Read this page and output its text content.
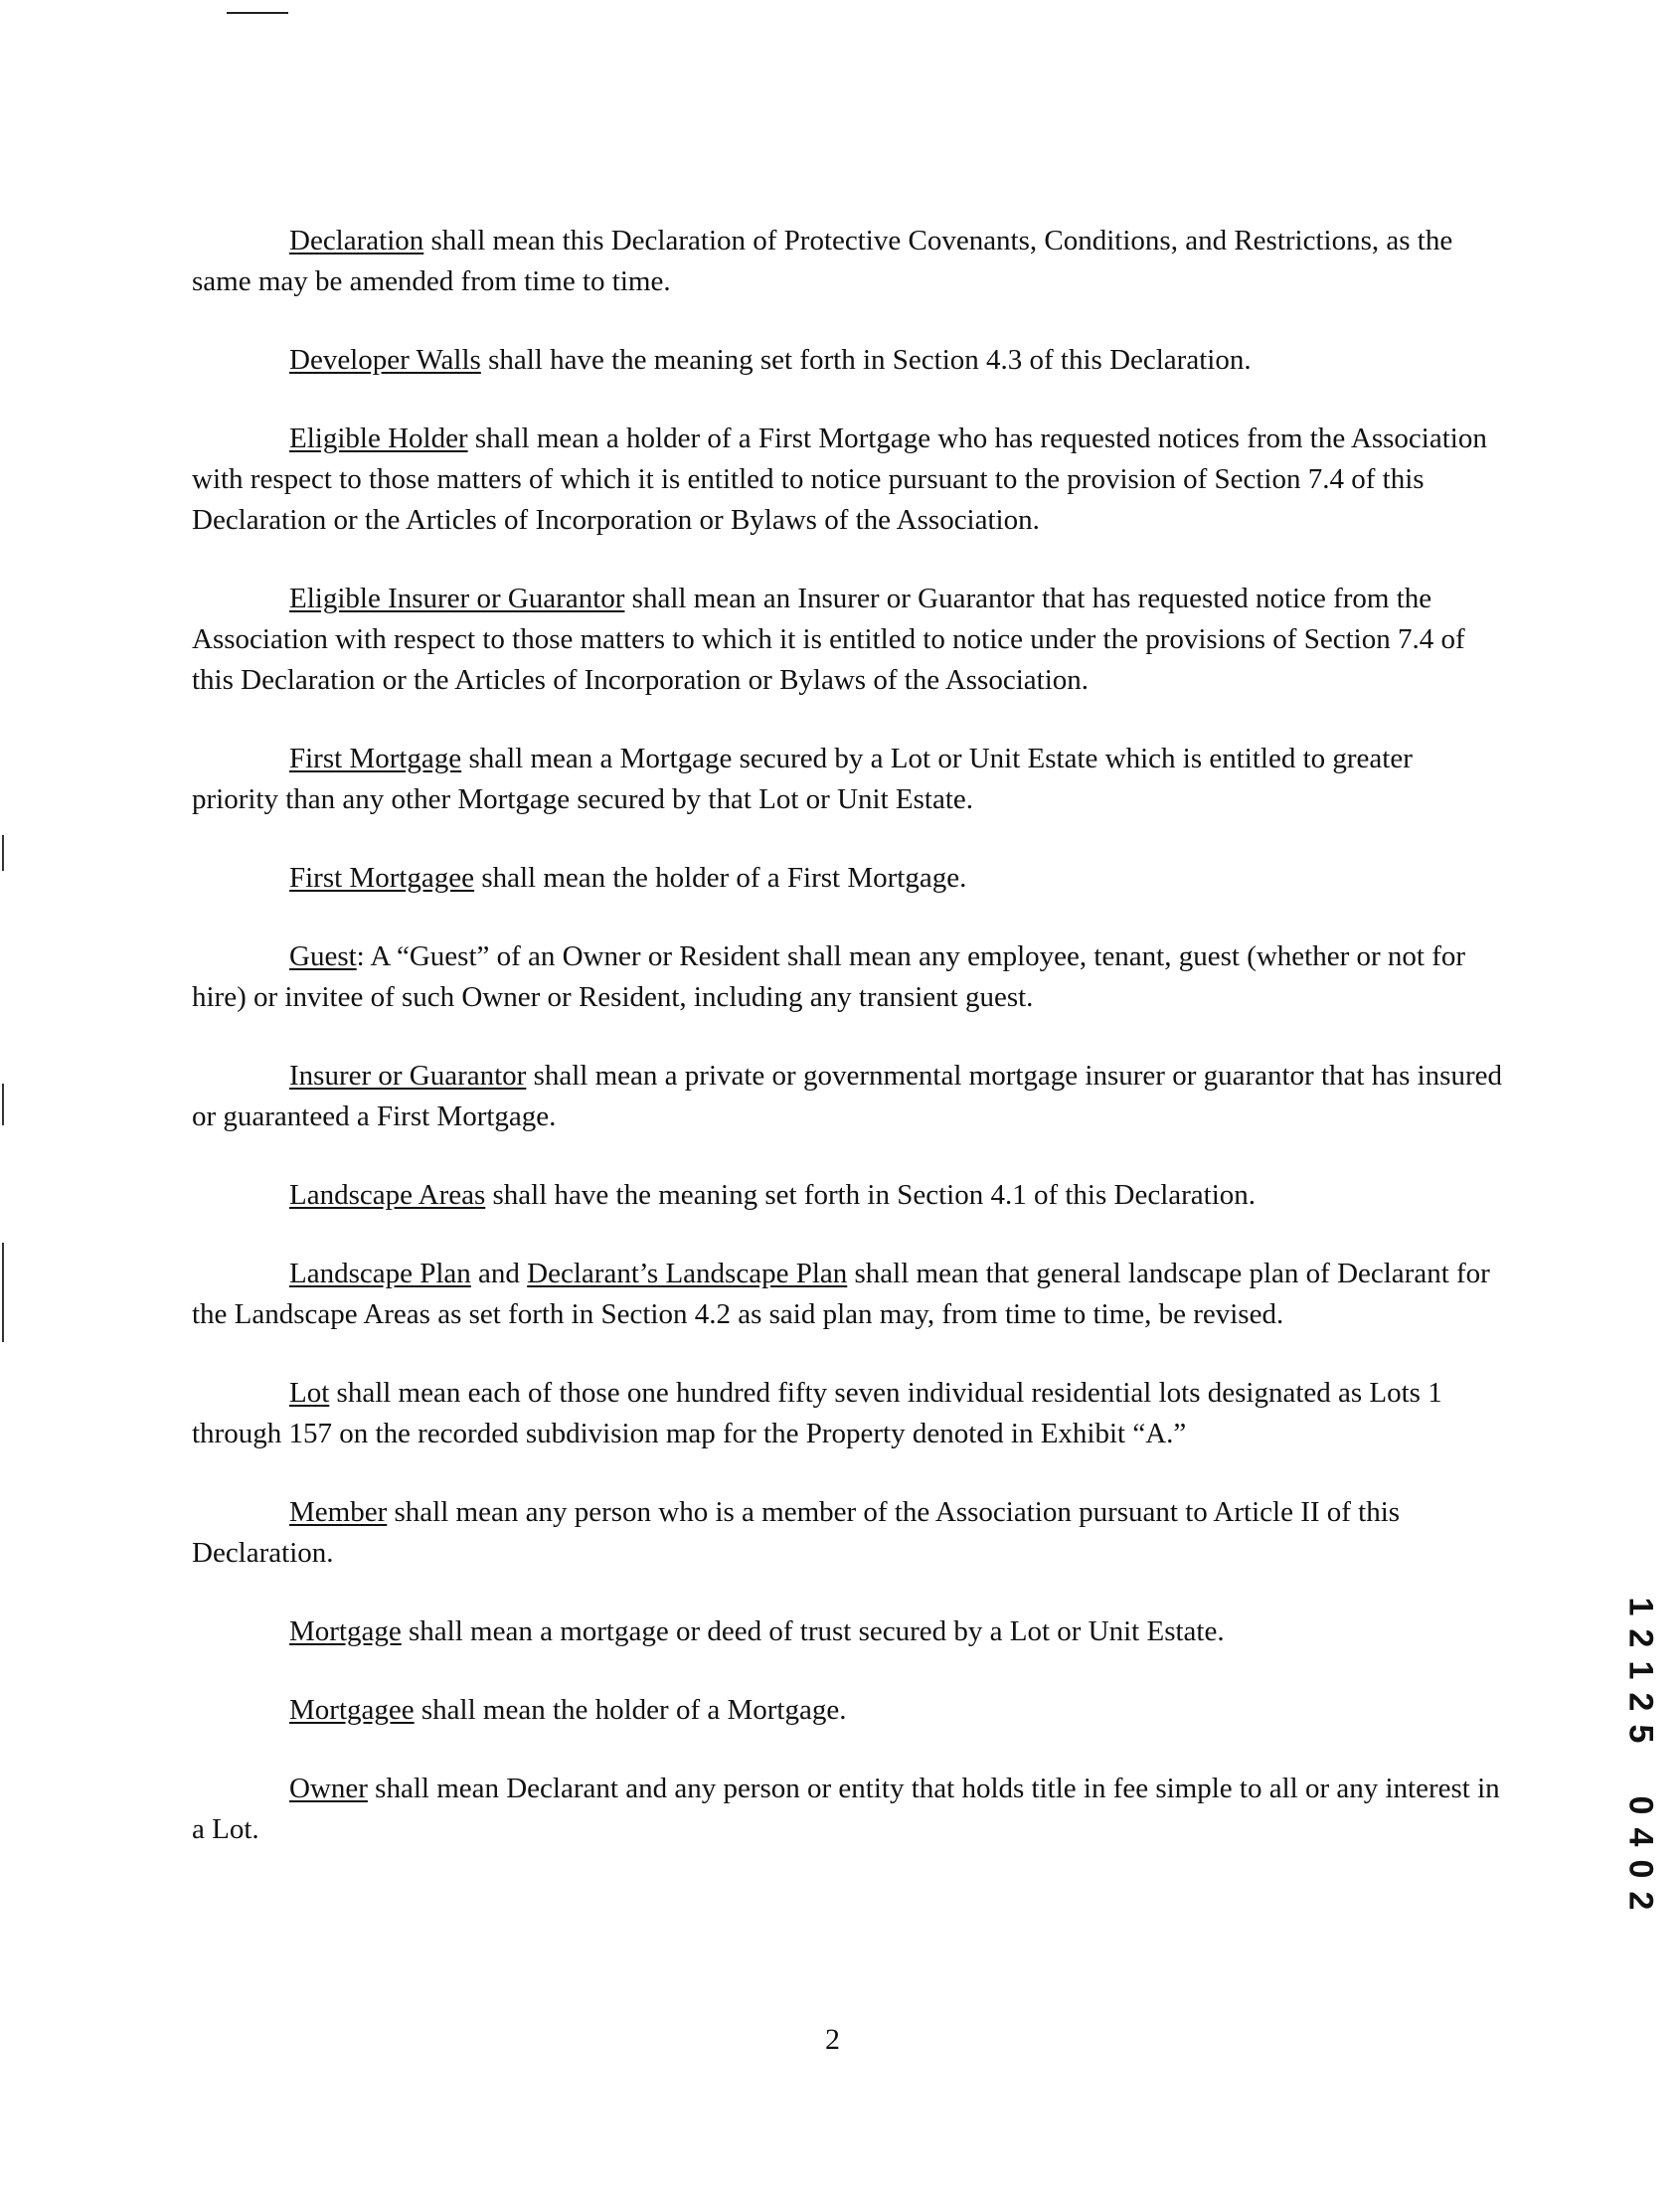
Declaration shall mean this Declaration of Protective Covenants, Conditions, and Restrictions, as the same may be amended from time to time.

Developer Walls shall have the meaning set forth in Section 4.3 of this Declaration.

Eligible Holder shall mean a holder of a First Mortgage who has requested notices from the Association with respect to those matters of which it is entitled to notice pursuant to the provision of Section 7.4 of this Declaration or the Articles of Incorporation or Bylaws of the Association.

Eligible Insurer or Guarantor shall mean an Insurer or Guarantor that has requested notice from the Association with respect to those matters to which it is entitled to notice under the provisions of Section 7.4 of this Declaration or the Articles of Incorporation or Bylaws of the Association.

First Mortgage shall mean a Mortgage secured by a Lot or Unit Estate which is entitled to greater priority than any other Mortgage secured by that Lot or Unit Estate.

First Mortgagee shall mean the holder of a First Mortgage.

Guest: A “Guest” of an Owner or Resident shall mean any employee, tenant, guest (whether or not for hire) or invitee of such Owner or Resident, including any transient guest.

Insurer or Guarantor shall mean a private or governmental mortgage insurer or guarantor that has insured or guaranteed a First Mortgage.

Landscape Areas shall have the meaning set forth in Section 4.1 of this Declaration.

Landscape Plan and Declarant’s Landscape Plan shall mean that general landscape plan of Declarant for the Landscape Areas as set forth in Section 4.2 as said plan may, from time to time, be revised.

Lot shall mean each of those one hundred fifty seven individual residential lots designated as Lots 1 through 157 on the recorded subdivision map for the Property denoted in Exhibit “A.”

Member shall mean any person who is a member of the Association pursuant to Article II of this Declaration.

Mortgage shall mean a mortgage or deed of trust secured by a Lot or Unit Estate.

Mortgagee shall mean the holder of a Mortgage.

Owner shall mean Declarant and any person or entity that holds title in fee simple to all or any interest in a Lot.

2
1
2
1
2
5
0
4
0
2
